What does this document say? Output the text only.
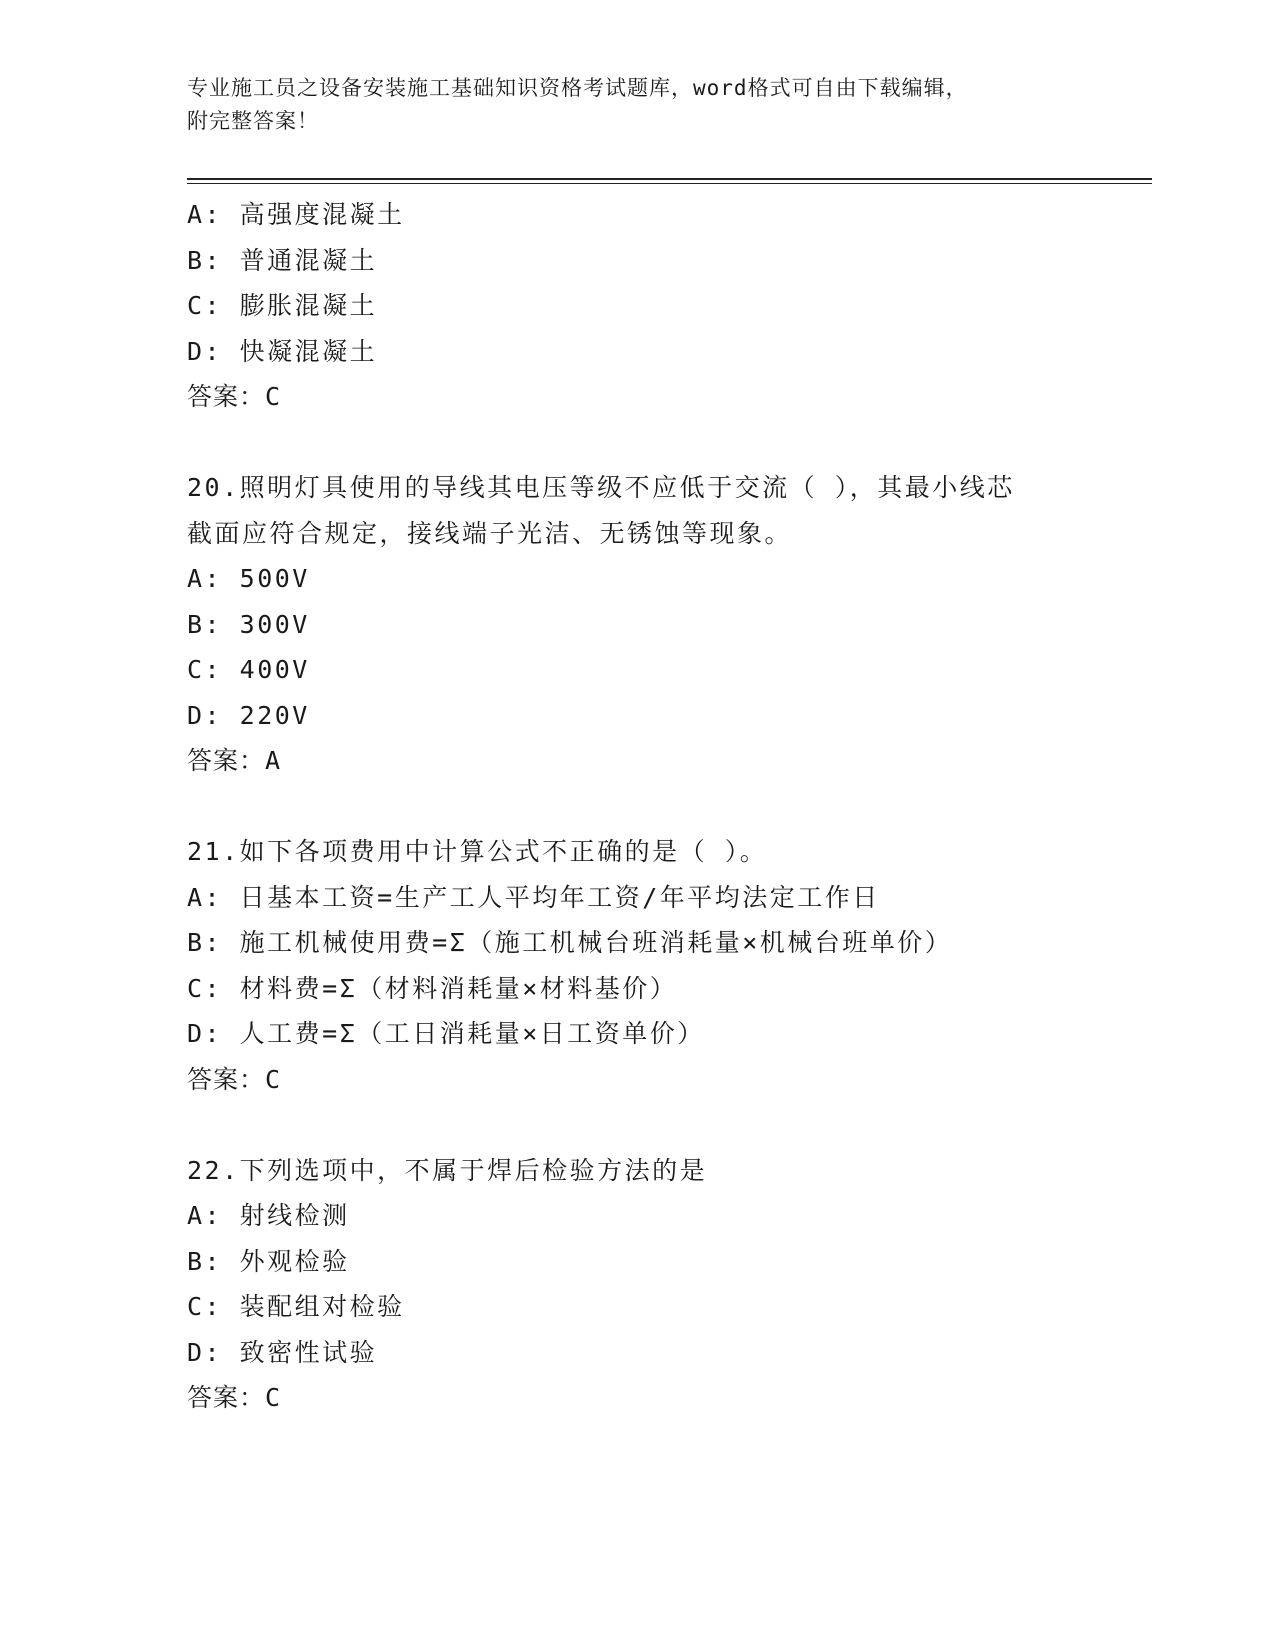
专业施工员之设备安装施工基础知识资格考试题库，word格式可自由下载编辑，
附完整答案！
A: 高强度混凝土
B: 普通混凝土
C: 膨胀混凝土
D: 快凝混凝土
答案：C
20.照明灯具使用的导线其电压等级不应低于交流（ ），其最小线芯
截面应符合规定，接线端子光洁、无锈蚀等现象。
A: 500V
B: 300V
C: 400V
D: 220V
答案：A
21.如下各项费用中计算公式不正确的是（ ）。
A: 日基本工资=生产工人平均年工资/年平均法定工作日
B: 施工机械使用费=Σ（施工机械台班消耗量×机械台班单价）
C: 材料费=Σ（材料消耗量×材料基价）
D: 人工费=Σ（工日消耗量×日工资单价）
答案：C
22.下列选项中，不属于焊后检验方法的是
A: 射线检测
B: 外观检验
C: 装配组对检验
D: 致密性试验
答案：C
